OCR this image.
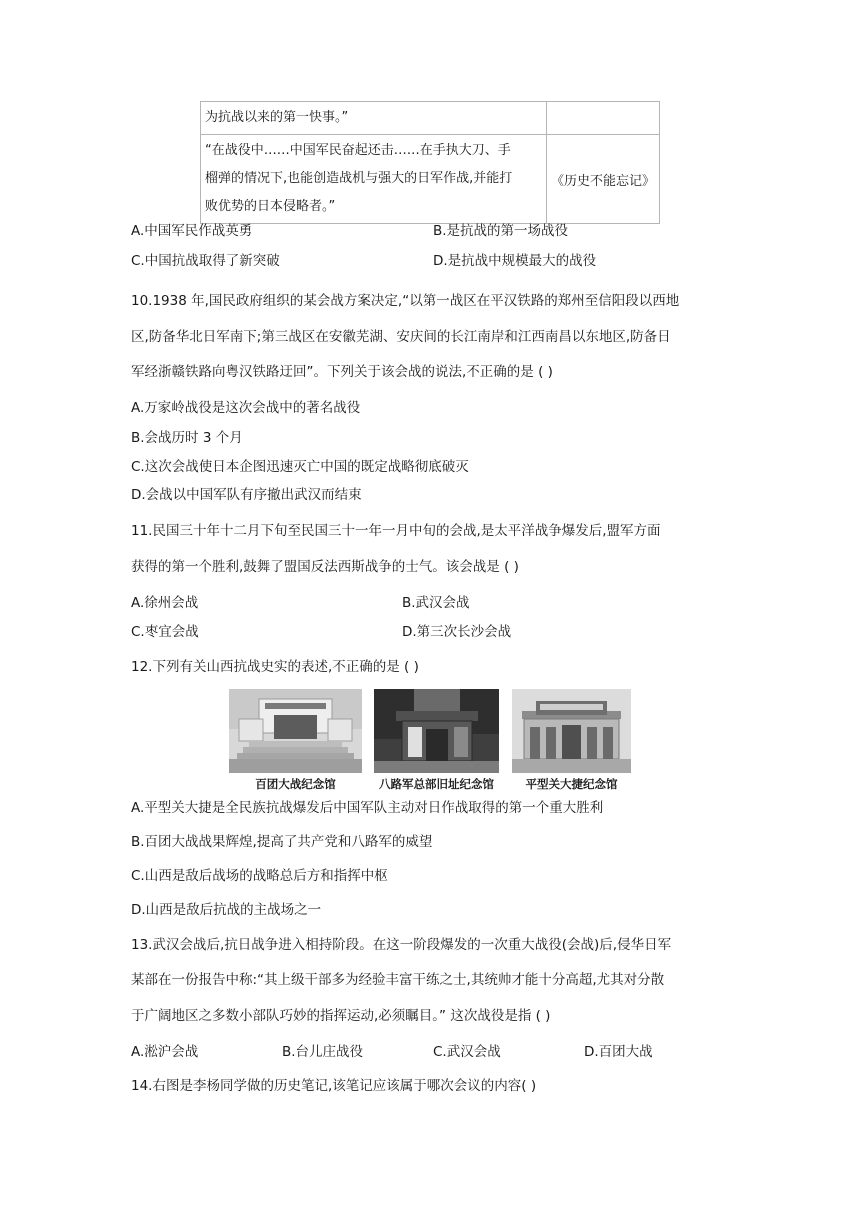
为抗战以来的第一快事。”	

“在战役中……中国军民奋起还击……在手执大刀、手
榴弹的情况下,也能创造战机与强大的日军作战,并能打
败优势的日本侵略者。”	《历史不能忘记》
A.中国军民作战英勇	B.是抗战的第一场战役
C.中国抗战取得了新突破	D.是抗战中规模最大的战役
10.1938 年,国民政府组织的某会战方案决定,“以第一战区在平汉铁路的郑州至信阳段以西地
区,防备华北日军南下;第三战区在安徽芜湖、安庆间的长江南岸和江西南昌以东地区,防备日
军经浙赣铁路向粤汉铁路迂回”。下列关于该会战的说法,不正确的是 ( )
A.万家岭战役是这次会战中的著名战役
B.会战历时 3 个月
C.这次会战使日本企图迅速灭亡中国的既定战略彻底破灭
D.会战以中国军队有序撤出武汉而结束
11.民国三十年十二月下旬至民国三十一年一月中旬的会战,是太平洋战争爆发后,盟军方面
获得的第一个胜利,鼓舞了盟国反法西斯战争的士气。该会战是 ( )
A.徐州会战	B.武汉会战
C.枣宜会战	D.第三次长沙会战
12.下列有关山西抗战史实的表述,不正确的是 ( )
百团大战纪念馆	八路军总部旧址纪念馆	平型关大捷纪念馆
A.平型关大捷是全民族抗战爆发后中国军队主动对日作战取得的第一个重大胜利
B.百团大战战果辉煌,提高了共产党和八路军的威望
C.山西是敌后战场的战略总后方和指挥中枢
D.山西是敌后抗战的主战场之一
13.武汉会战后,抗日战争进入相持阶段。在这一阶段爆发的一次重大战役(会战)后,侵华日军
某部在一份报告中称:“其上级干部多为经验丰富干练之士,其统帅才能十分高超,尤其对分散
于广阔地区之多数小部队巧妙的指挥运动,必须瞩目。” 这次战役是指 ( )
A.淞沪会战	B.台儿庄战役	C.武汉会战	D.百团大战
14.右图是李杨同学做的历史笔记,该笔记应该属于哪次会议的内容( )
